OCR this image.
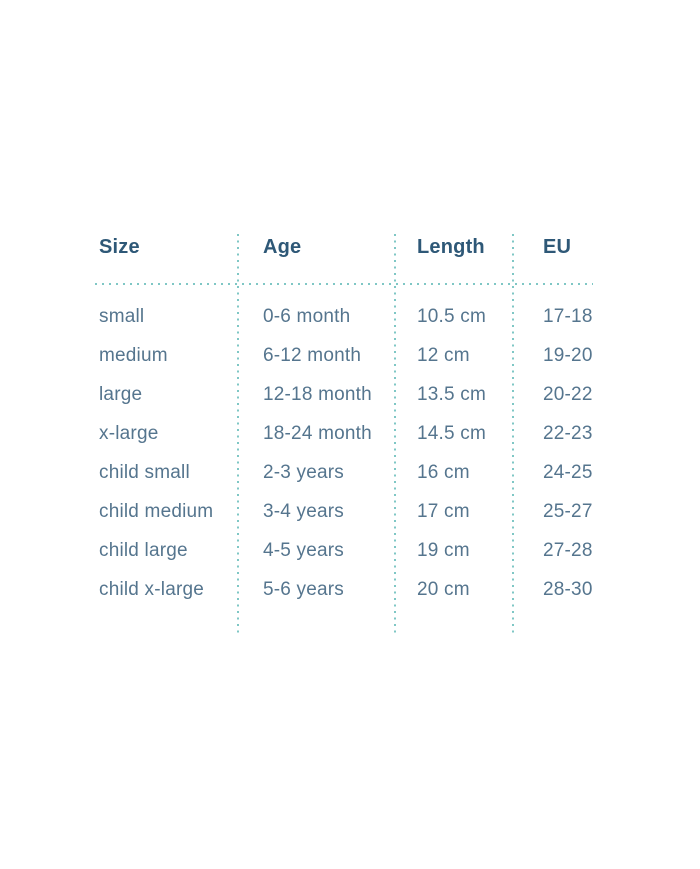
Size	Age	Length	EU
small	0-6 month	10.5 cm	17-18
medium	6-12 month	12 cm	19-20
large	12-18 month	13.5 cm	20-22
x-large	18-24 month	14.5 cm	22-23
child small	2-3 years	16 cm	24-25
child medium	3-4 years	17 cm	25-27
child large	4-5 years	19 cm	27-28
child x-large	5-6 years	20 cm	28-30
